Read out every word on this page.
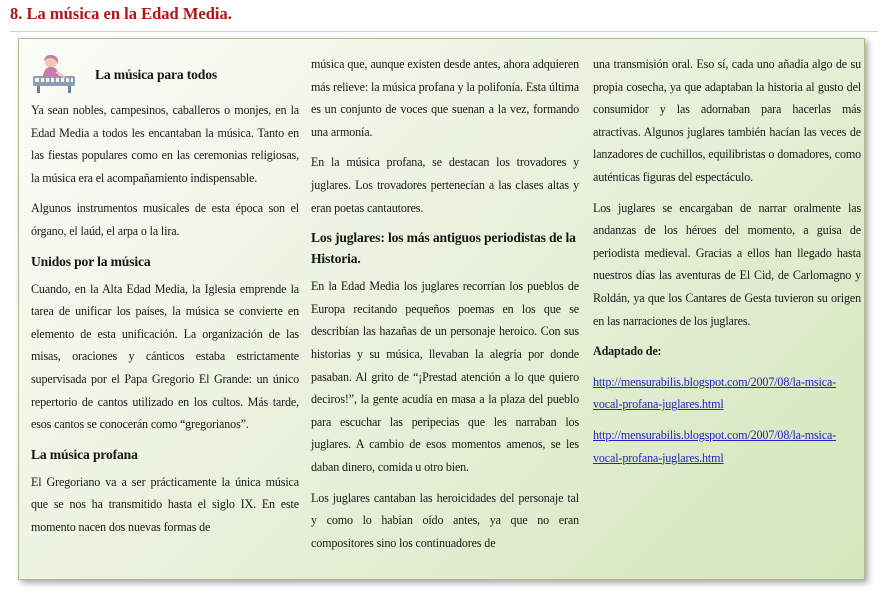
8. La música en la Edad Media.
La música para todos

Ya sean nobles, campesinos, caballeros o monjes, en la Edad Media a todos les encantaban la música. Tanto en las fiestas populares como en las ceremonias religiosas, la música era el acompañamiento indispensable.

Algunos instrumentos musicales de esta época son el órgano, el laúd, el arpa o la lira.

Unidos por la música

Cuando, en la Alta Edad Media, la Iglesia emprende la tarea de unificar los países, la música se convierte en elemento de esta unificación. La organización de las misas, oraciones y cánticos estaba estrictamente supervisada por el Papa Gregorio El Grande: un único repertorio de cantos utilizado en los cultos. Más tarde, esos cantos se conocerán como “gregorianos”.

La música profana

El Gregoriano va a ser prácticamente la única música que se nos ha transmitido hasta el siglo IX. En este momento nacen dos nuevas formas de

música que, aunque existen desde antes, ahora adquieren más relieve: la música profana y la polifonía. Esta última es un conjunto de voces que suenan a la vez, formando una armonía.

En la música profana, se destacan los trovadores y juglares. Los trovadores pertenecían a las clases altas y eran poetas cantautores.

Los juglares: los más antiguos periodistas de la Historia.

En la Edad Media los juglares recorrían los pueblos de Europa recitando pequeños poemas en los que se describían las hazañas de un personaje heroico. Con sus historias y su música, llevaban la alegría por donde pasaban. Al grito de “¡Prestad atención a lo que quiero deciros!”, la gente acudía en masa a la plaza del pueblo para escuchar las peripecias que les narraban los juglares. A cambio de esos momentos amenos, se les daban dinero, comida u otro bien.

Los juglares cantaban las heroicidades del personaje tal y como lo habían oído antes, ya que no eran compositores sino los continuadores de

una transmisión oral. Eso sí, cada uno añadía algo de su propia cosecha, ya que adaptaban la historia al gusto del consumidor y las adornaban para hacerlas más atractivas. Algunos juglares también hacían las veces de lanzadores de cuchillos, equilibristas o domadores, como auténticas figuras del espectáculo.

Los juglares se encargaban de narrar oralmente las andanzas de los héroes del momento, a guisa de periodista medieval. Gracias a ellos han llegado hasta nuestros días las aventuras de El Cid, de Carlomagno y Roldán, ya que los Cantares de Gesta tuvieron su origen en las narraciones de los juglares.

Adaptado de:

http://mensurabilis.blogspot.com/2007/08/la-msica-vocal-profana-juglares.html
http://mensurabilis.blogspot.com/2007/08/la-msica-vocal-profana-juglares.html
